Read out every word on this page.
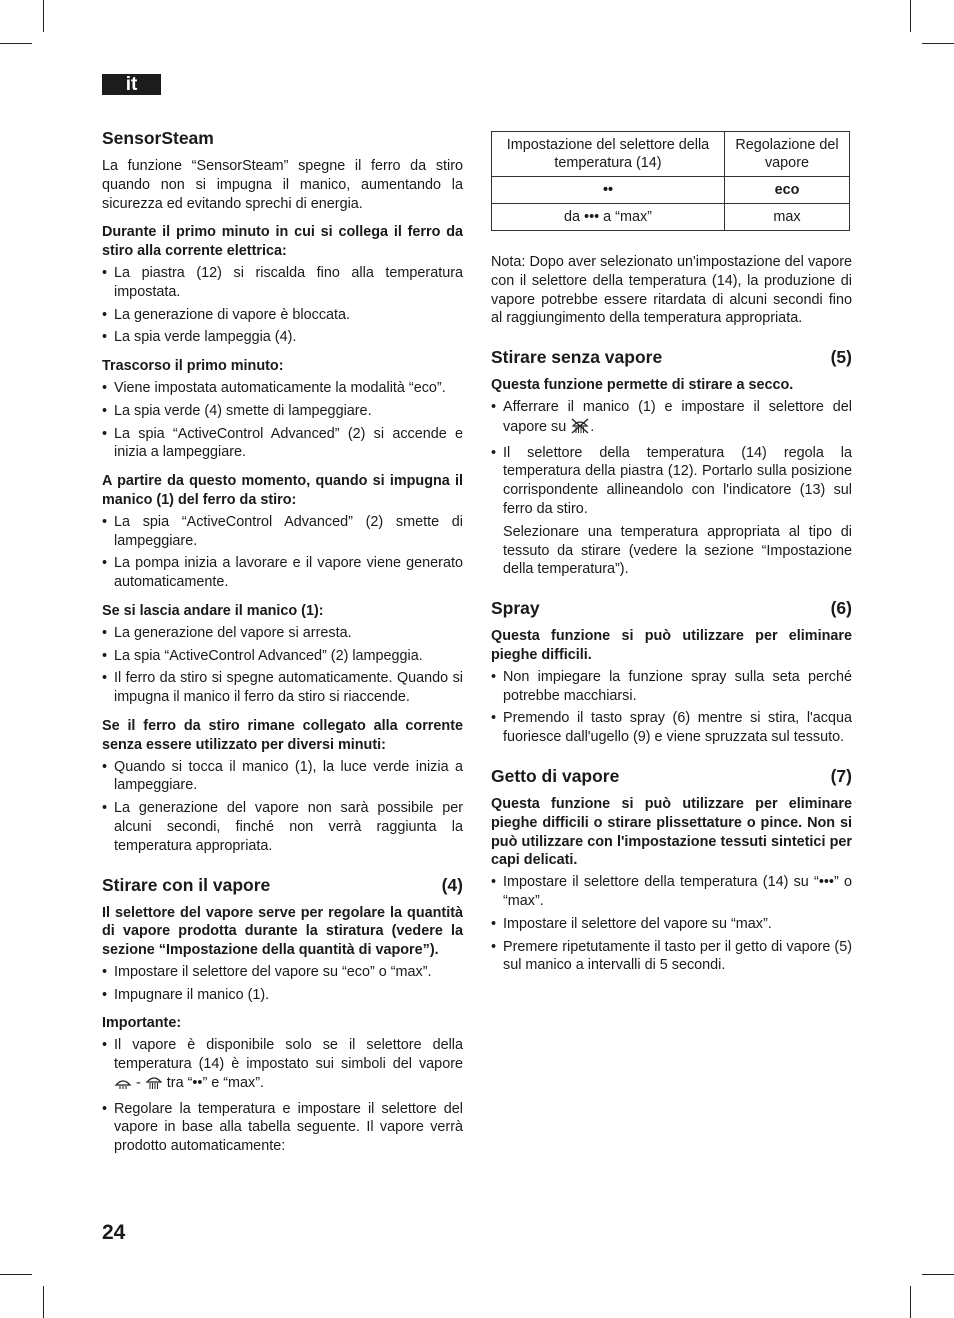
it
SensorSteam

La funzione “SensorSteam” spegne il ferro da stiro quando non si impugna il manico, aumentando la sicurezza ed evitando sprechi di energia.

Durante il primo minuto in cui si collega il ferro da stiro alla corrente elettrica:

• La piastra (12) si riscalda fino alla temperatura impostata.
• La generazione di vapore è bloccata.
• La spia verde lampeggia (4).

Trascorso il primo minuto:

• Viene impostata automaticamente la modalità “eco”.
• La spia verde (4) smette di lampeggiare.
• La spia “ActiveControl Advanced” (2) si accende e inizia a lampeggiare.

A partire da questo momento, quando si impugna il manico (1) del ferro da stiro:

• La spia “ActiveControl Advanced” (2) smette di lampeggiare.
• La pompa inizia a lavorare e il vapore viene generato automaticamente.

Se si lascia andare il manico (1):

• La generazione del vapore si arresta.
• La spia “ActiveControl Advanced” (2) lampeggia.
• Il ferro da stiro si spegne automaticamente. Quando si impugna il manico il ferro da stiro si riaccende.

Se il ferro da stiro rimane collegato alla corrente senza essere utilizzato per diversi minuti:

• Quando si tocca il manico (1), la luce verde inizia a lampeggiare.
• La generazione del vapore non sarà possibile per alcuni secondi, finché non verrà raggiunta la temperatura appropriata.
Stirare con il vapore	(4)

Il selettore del vapore serve per regolare la quantità di vapore prodotta durante la stiratura (vedere la sezione “Impostazione della quantità di vapore”).

• Impostare il selettore del vapore su “eco” o “max”.
• Impugnare il manico (1).

Importante:

• Il vapore è disponibile solo se il selettore della temperatura (14) è impostato sui simboli del vapore  - tra “••” e “max”.
• Regolare la temperatura e impostare il selettore del vapore in base alla tabella seguente. Il vapore verrà prodotto automaticamente:
Impostazione del selettore della temperatura (14)	Regolazione del vapore
••	eco
da ••• a “max”	max

Nota: Dopo aver selezionato un'impostazione del vapore con il selettore della temperatura (14), la produzione di vapore potrebbe essere ritardata di alcuni secondi fino al raggiungimento della temperatura appropriata.

Stirare senza vapore	(5)

Questa funzione permette di stirare a secco.

• Afferrare il manico (1) e impostare il selettore del vapore su .
• Il selettore della temperatura (14) regola la temperatura della piastra (12). Portarlo sulla posizione corrispondente allineandolo con l'indicatore (13) sul ferro da stiro.

Selezionare una temperatura appropriata al tipo di tessuto da stirare (vedere la sezione “Impostazione della temperatura”).

Spray	(6)

Questa funzione si può utilizzare per eliminare pieghe difficili.

• Non impiegare la funzione spray sulla seta perché potrebbe macchiarsi.
• Premendo il tasto spray (6) mentre si stira, l'acqua fuoriesce dall'ugello (9) e viene spruzzata sul tessuto.
Getto di vapore	(7)

Questa funzione si può utilizzare per eliminare pieghe difficili o stirare plissettature o pince. Non si può utilizzare con l'impostazione tessuti sintetici per capi delicati.

• Impostare il selettore della temperatura (14) su “•••” o “max”.
• Impostare il selettore del vapore su “max”.
• Premere ripetutamente il tasto per il getto di vapore (5) sul manico a intervalli di 5 secondi.
24
